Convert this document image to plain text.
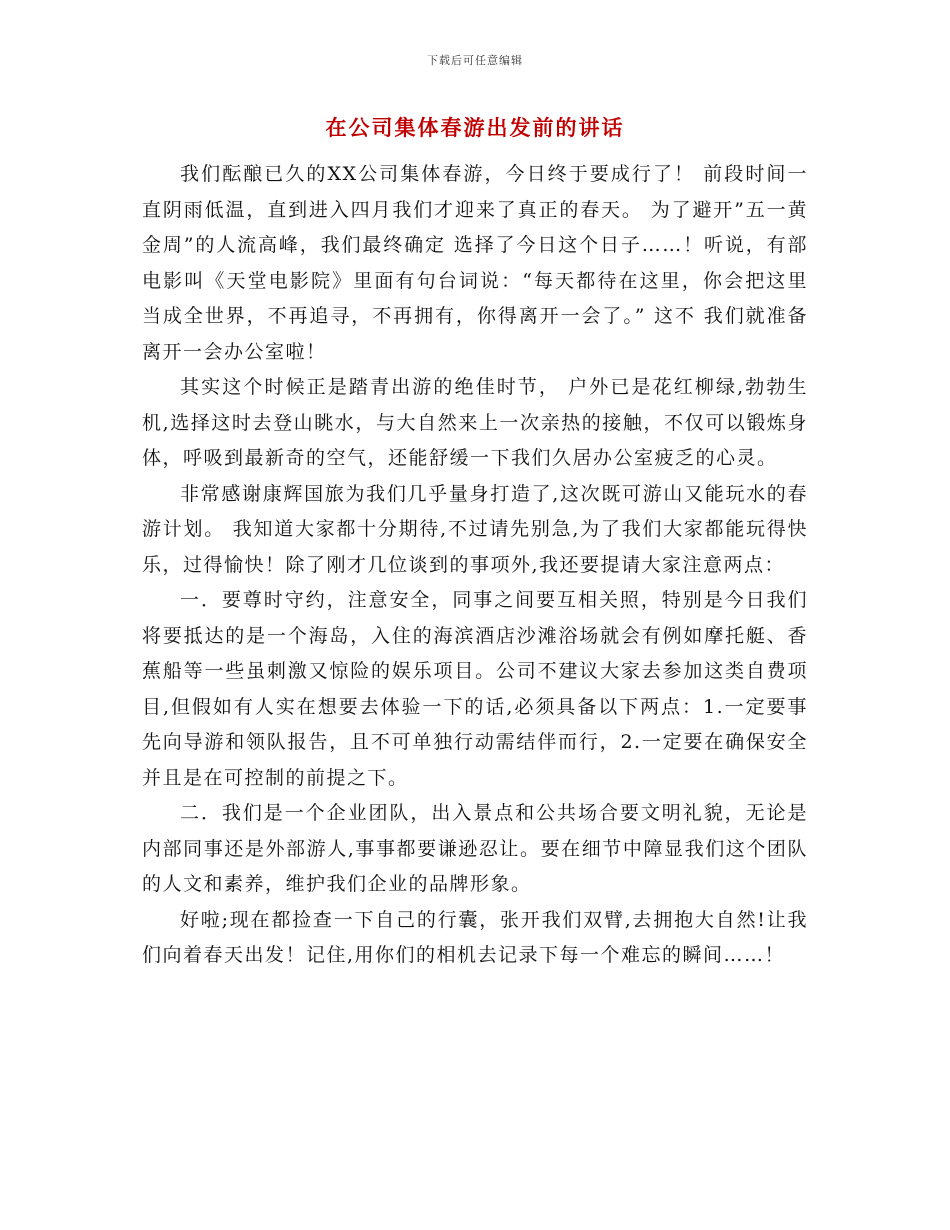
下载后可任意编辑
在公司集体春游出发前的讲话

我们酝酿已久的XX公司集体春游，今日终于要成行了！ 前段时间一直阴雨低温，直到进入四月我们才迎来了真正的春天。 为了避开”五一黄金周”的人流高峰，我们最终确定 选择了今日这个日子……！听说，有部电影叫《天堂电影院》里面有句台词说：“每天都待在这里，你会把这里当成全世界，不再追寻，不再拥有，你得离开一会了。” 这不 我们就准备离开一会办公室啦！

其实这个时候正是踏青出游的绝佳时节， 户外已是花红柳绿,勃勃生机,选择这时去登山眺水，与大自然来上一次亲热的接触，不仅可以锻炼身体，呼吸到最新奇的空气，还能舒缓一下我们久居办公室疲乏的心灵。

非常感谢康辉国旅为我们几乎量身打造了,这次既可游山又能玩水的春游计划。 我知道大家都十分期待,不过请先别急,为了我们大家都能玩得快乐，过得愉快！除了刚才几位谈到的事项外,我还要提请大家注意两点：

一．要尊时守约，注意安全，同事之间要互相关照，特别是今日我们将要抵达的是一个海岛，入住的海滨酒店沙滩浴场就会有例如摩托艇、香蕉船等一些虽刺激又惊险的娱乐项目。公司不建议大家去参加这类自费项目,但假如有人实在想要去体验一下的话,必须具备以下两点：1.一定要事先向导游和领队报告，且不可单独行动需结伴而行，2.一定要在确保安全并且是在可控制的前提之下。

二．我们是一个企业团队，出入景点和公共场合要文明礼貌，无论是内部同事还是外部游人,事事都要谦逊忍让。要在细节中障显我们这个团队的人文和素养，维护我们企业的品牌形象。

好啦;现在都捡查一下自己的行囊，张开我们双臂,去拥抱大自然!让我们向着春天出发！记住,用你们的相机去记录下每一个难忘的瞬间……！
